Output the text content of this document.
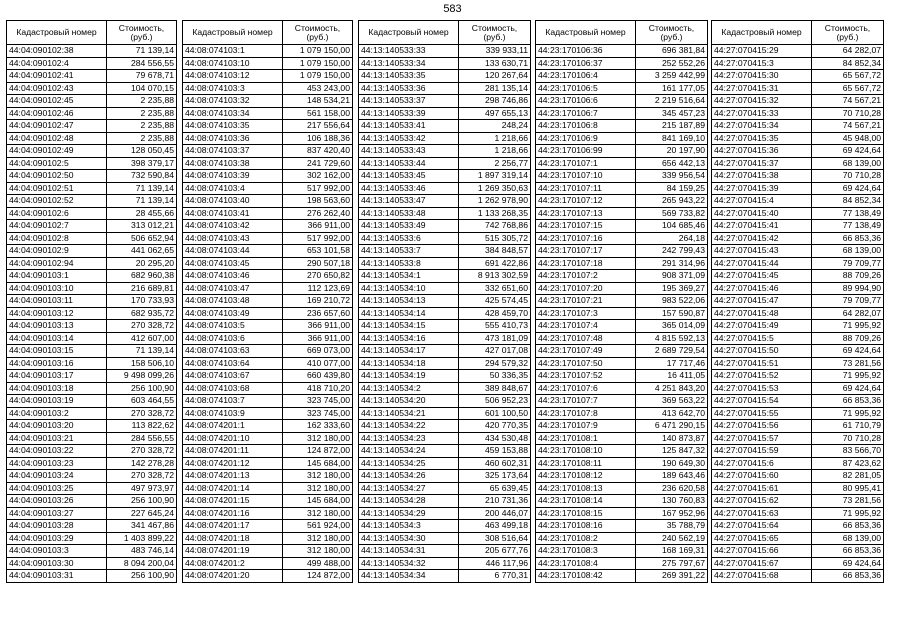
583
Кадастровый номер	Стоимость, (руб.)
44:04:090102:38	71 139,14
44:04:090102:4	284 556,55
44:04:090102:41	79 678,71
44:04:090102:43	104 070,15
44:04:090102:45	2 235,88
44:04:090102:46	2 235,88
44:04:090102:47	2 235,88
44:04:090102:48	2 235,88
44:04:090102:49	128 050,45
44:04:090102:5	398 379,17
44:04:090102:50	732 590,84
44:04:090102:51	71 139,14
44:04:090102:52	71 139,14
44:04:090102:6	28 455,66
44:04:090102:7	313 012,21
44:04:090102:8	506 652,94
44:04:090102:9	441 062,65
44:04:090102:94	20 295,20
44:04:090103:1	682 960,38
44:04:090103:10	216 689,81
44:04:090103:11	170 733,93
44:04:090103:12	682 935,72
44:04:090103:13	270 328,72
44:04:090103:14	412 607,00
44:04:090103:15	71 139,14
44:04:090103:16	158 506,10
44:04:090103:17	9 498 099,26
44:04:090103:18	256 100,90
44:04:090103:19	603 464,55
44:04:090103:2	270 328,72
44:04:090103:20	113 822,62
44:04:090103:21	284 556,55
44:04:090103:22	270 328,72
44:04:090103:23	142 278,28
44:04:090103:24	270 328,72
44:04:090103:25	497 973,97
44:04:090103:26	256 100,90
44:04:090103:27	227 645,24
44:04:090103:28	341 467,86
44:04:090103:29	1 403 899,22
44:04:090103:3	483 746,14
44:04:090103:30	8 094 200,04
44:04:090103:31	256 100,90
Кадастровый номер	Стоимость, (руб.)
44:08:074103:1	1 079 150,00
44:08:074103:10	1 079 150,00
44:08:074103:12	1 079 150,00
44:08:074103:3	453 243,00
44:08:074103:32	148 534,21
44:08:074103:34	561 158,00
44:08:074103:35	217 556,64
44:08:074103:36	106 188,36
44:08:074103:37	837 420,40
44:08:074103:38	241 729,60
44:08:074103:39	302 162,00
44:08:074103:4	517 992,00
44:08:074103:40	198 563,60
44:08:074103:41	276 262,40
44:08:074103:42	366 911,00
44:08:074103:43	517 992,00
44:08:074103:44	653 101,58
44:08:074103:45	290 507,18
44:08:074103:46	270 650,82
44:08:074103:47	112 123,69
44:08:074103:48	169 210,72
44:08:074103:49	236 657,60
44:08:074103:5	366 911,00
44:08:074103:6	366 911,00
44:08:074103:63	669 073,00
44:08:074103:64	410 077,00
44:08:074103:67	660 439,80
44:08:074103:68	418 710,20
44:08:074103:7	323 745,00
44:08:074103:9	323 745,00
44:08:074201:1	162 333,60
44:08:074201:10	312 180,00
44:08:074201:11	124 872,00
44:08:074201:12	145 684,00
44:08:074201:13	312 180,00
44:08:074201:14	312 180,00
44:08:074201:15	145 684,00
44:08:074201:16	312 180,00
44:08:074201:17	561 924,00
44:08:074201:18	312 180,00
44:08:074201:19	312 180,00
44:08:074201:2	499 488,00
44:08:074201:20	124 872,00
Кадастровый номер	Стоимость, (руб.)
44:13:140533:33	339 933,11
44:13:140533:34	133 630,71
44:13:140533:35	120 267,64
44:13:140533:36	281 135,14
44:13:140533:37	298 746,86
44:13:140533:39	497 655,13
44:13:140533:41	248,24
44:13:140533:42	1 218,66
44:13:140533:43	1 218,66
44:13:140533:44	2 256,77
44:13:140533:45	1 897 319,14
44:13:140533:46	1 269 350,63
44:13:140533:47	1 262 978,90
44:13:140533:48	1 133 268,35
44:13:140533:49	742 768,86
44:13:140533:6	515 305,72
44:13:140533:7	384 848,57
44:13:140533:8	691 422,86
44:13:140534:1	8 913 302,59
44:13:140534:10	332 651,60
44:13:140534:13	425 574,45
44:13:140534:14	428 459,70
44:13:140534:15	555 410,73
44:13:140534:16	473 181,09
44:13:140534:17	427 017,08
44:13:140534:18	294 579,32
44:13:140534:19	50 336,35
44:13:140534:2	389 848,67
44:13:140534:20	506 952,23
44:13:140534:21	601 100,50
44:13:140534:22	420 770,35
44:13:140534:23	434 530,48
44:13:140534:24	459 153,88
44:13:140534:25	460 602,31
44:13:140534:26	325 173,64
44:13:140534:27	65 639,45
44:13:140534:28	210 731,36
44:13:140534:29	200 446,07
44:13:140534:3	463 499,18
44:13:140534:30	308 516,64
44:13:140534:31	205 677,76
44:13:140534:32	446 117,96
44:13:140534:34	6 770,31
Кадастровый номер	Стоимость, (руб.)
44:23:170106:36	696 381,84
44:23:170106:37	252 552,26
44:23:170106:4	3 259 442,99
44:23:170106:5	161 177,05
44:23:170106:6	2 219 516,64
44:23:170106:7	345 457,23
44:23:170106:8	215 187,89
44:23:170106:9	841 169,10
44:23:170106:99	20 197,90
44:23:170107:1	656 442,13
44:23:170107:10	339 956,54
44:23:170107:11	84 159,25
44:23:170107:12	265 943,22
44:23:170107:13	569 733,82
44:23:170107:15	104 685,46
44:23:170107:16	264,18
44:23:170107:17	242 799,43
44:23:170107:18	291 314,96
44:23:170107:2	908 371,09
44:23:170107:20	195 369,27
44:23:170107:21	983 522,06
44:23:170107:3	157 590,87
44:23:170107:4	365 014,09
44:23:170107:48	4 815 592,13
44:23:170107:49	2 689 729,54
44:23:170107:50	17 717,46
44:23:170107:52	16 411,05
44:23:170107:6	4 251 843,20
44:23:170107:7	369 563,22
44:23:170107:8	413 642,70
44:23:170107:9	6 471 290,15
44:23:170108:1	140 873,87
44:23:170108:10	125 847,32
44:23:170108:11	190 649,30
44:23:170108:12	189 643,46
44:23:170108:13	236 620,58
44:23:170108:14	130 760,83
44:23:170108:15	167 952,96
44:23:170108:16	35 788,79
44:23:170108:2	240 562,19
44:23:170108:3	168 169,31
44:23:170108:4	275 797,67
44:23:170108:42	269 391,22
Кадастровый номер	Стоимость, (руб.)
44:27:070415:29	64 282,07
44:27:070415:3	84 852,34
44:27:070415:30	65 567,72
44:27:070415:31	65 567,72
44:27:070415:32	74 567,21
44:27:070415:33	70 710,28
44:27:070415:34	74 567,21
44:27:070415:35	45 948,00
44:27:070415:36	69 424,64
44:27:070415:37	68 139,00
44:27:070415:38	70 710,28
44:27:070415:39	69 424,64
44:27:070415:4	84 852,34
44:27:070415:40	77 138,49
44:27:070415:41	77 138,49
44:27:070415:42	66 853,36
44:27:070415:43	68 139,00
44:27:070415:44	79 709,77
44:27:070415:45	88 709,26
44:27:070415:46	89 994,90
44:27:070415:47	79 709,77
44:27:070415:48	64 282,07
44:27:070415:49	71 995,92
44:27:070415:5	88 709,26
44:27:070415:50	69 424,64
44:27:070415:51	73 281,56
44:27:070415:52	71 995,92
44:27:070415:53	69 424,64
44:27:070415:54	66 853,36
44:27:070415:55	71 995,92
44:27:070415:56	61 710,79
44:27:070415:57	70 710,28
44:27:070415:59	83 566,70
44:27:070415:6	87 423,62
44:27:070415:60	82 281,05
44:27:070415:61	80 995,41
44:27:070415:62	73 281,56
44:27:070415:63	71 995,92
44:27:070415:64	66 853,36
44:27:070415:65	68 139,00
44:27:070415:66	66 853,36
44:27:070415:67	69 424,64
44:27:070415:68	66 853,36
